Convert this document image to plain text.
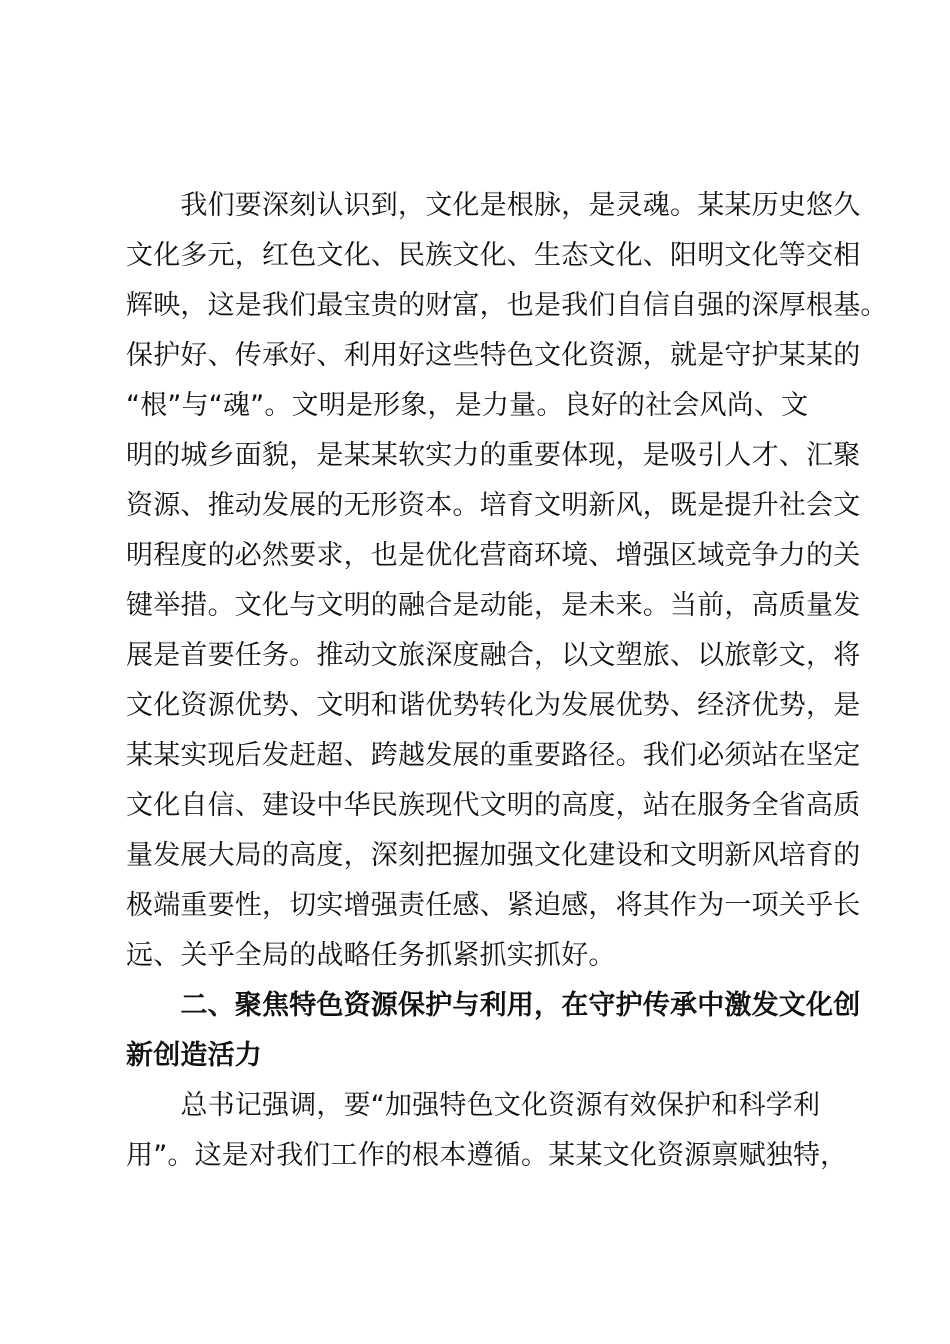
　　我们要深刻认识到，文化是根脉，是灵魂。某某历史悠久
文化多元，红色文化、民族文化、生态文化、阳明文化等交相
辉映，这是我们最宝贵的财富，也是我们自信自强的深厚根基。
保护好、传承好、利用好这些特色文化资源，就是守护某某的
“根”与“魂”。文明是形象，是力量。良好的社会风尚、文
明的城乡面貌，是某某软实力的重要体现，是吸引人才、汇聚
资源、推动发展的无形资本。培育文明新风，既是提升社会文
明程度的必然要求，也是优化营商环境、增强区域竞争力的关
键举措。文化与文明的融合是动能，是未来。当前，高质量发
展是首要任务。推动文旅深度融合，以文塑旅、以旅彰文，将
文化资源优势、文明和谐优势转化为发展优势、经济优势，是
某某实现后发赶超、跨越发展的重要路径。我们必须站在坚定
文化自信、建设中华民族现代文明的高度，站在服务全省高质
量发展大局的高度，深刻把握加强文化建设和文明新风培育的
极端重要性，切实增强责任感、紧迫感，将其作为一项关乎长
远、关乎全局的战略任务抓紧抓实抓好。
　　二、聚焦特色资源保护与利用，在守护传承中激发文化创
新创造活力
　　总书记强调，要“加强特色文化资源有效保护和科学利
用”。这是对我们工作的根本遵循。某某文化资源禀赋独特，
